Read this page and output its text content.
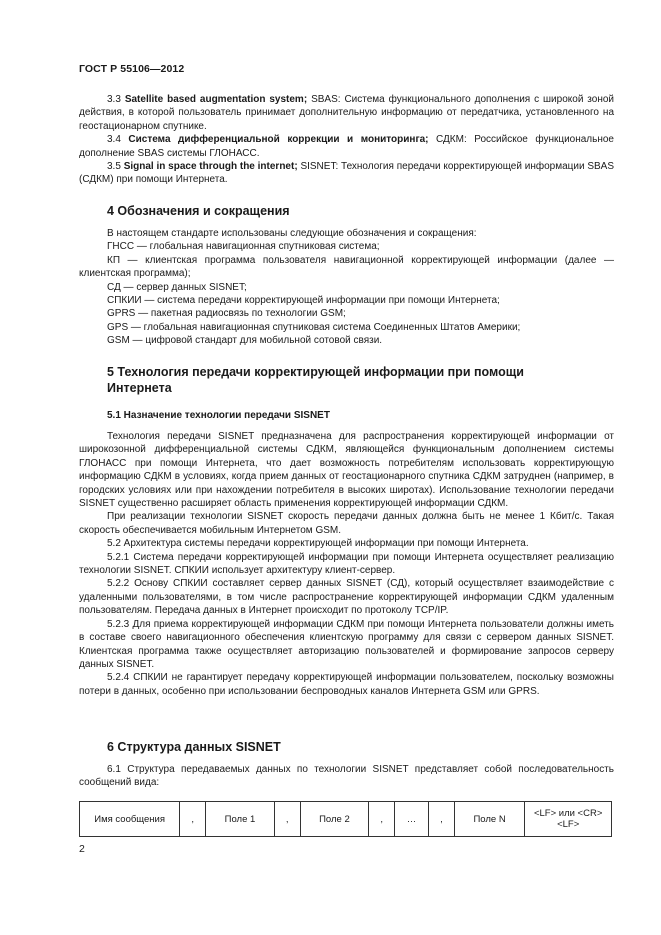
ГОСТ Р 55106—2012

3.3 Satellite based augmentation system; SBAS: Система функционального дополнения с широкой зоной действия, в которой пользователь принимает дополнительную информацию от передатчика, установленного на геостационарном спутнике.

3.4 Система дифференциальной коррекции и мониторинга; СДКМ: Российское функциональное дополнение SBAS системы ГЛОНАСС.

3.5 Signal in space through the internet; SISNET: Технология передачи корректирующей информации SBAS (СДКМ) при помощи Интернета.

4 Обозначения и сокращения

В настоящем стандарте использованы следующие обозначения и сокращения:

ГНСС — глобальная навигационная спутниковая система;

КП — клиентская программа пользователя навигационной корректирующей информации (далее — клиентская программа);

СД — сервер данных SISNET;

СПКИИ — система передачи корректирующей информации при помощи Интернета;

GPRS — пакетная радиосвязь по технологии GSM;

GPS — глобальная навигационная спутниковая система Соединенных Штатов Америки;

GSM — цифровой стандарт для мобильной сотовой связи.

5 Технология передачи корректирующей информации при помощи
Интернета
5.1 Назначение технологии передачи SISNET

Технология передачи SISNET предназначена для распространения корректирующей информации от широкозонной дифференциальной системы СДКМ, являющейся функциональным дополнением системы ГЛОНАСС при помощи Интернета, что дает возможность потребителям использовать корректирующую информацию СДКМ в условиях, когда прием данных от геостационарного спутника СДКМ затруднен (например, в городских условиях или при нахождении потребителя в высоких широтах). Использование технологии передачи SISNET существенно расширяет область применения корректирующей информации СДКМ.

При реализации технологии SISNET скорость передачи данных должна быть не менее 1 Кбит/с. Такая скорость обеспечивается мобильным Интернетом GSM.

5.2 Архитектура системы передачи корректирующей информации при помощи Интернета.

5.2.1 Система передачи корректирующей информации при помощи Интернета осуществляет реализацию технологии SISNET. СПКИИ использует архитектуру клиент-сервер.

5.2.2 Основу СПКИИ составляет сервер данных SISNET (СД), который осуществляет взаимодействие с удаленными пользователями, в том числе распространение корректирующей информации СДКМ удаленным пользователям. Передача данных в Интернет происходит по протоколу TCP/IP.

5.2.3 Для приема корректирующей информации СДКМ при помощи Интернета пользователи должны иметь в составе своего навигационного обеспечения клиентскую программу для связи с сервером данных SISNET. Клиентская программа также осуществляет авторизацию пользователей и формирование запросов серверу данных SISNET.

5.2.4 СПКИИ не гарантирует передачу корректирующей информации пользователем, поскольку возможны потери в данных, особенно при использовании беспроводных каналов Интернета GSM или GPRS.

6 Структура данных SISNET

6.1 Структура передаваемых данных по технологии SISNET представляет собой последовательность сообщений вида:

Имя сообщения	,	Поле 1	,	Поле 2	,	…	,	Поле N	<LF> или <CR> <LF>
2
